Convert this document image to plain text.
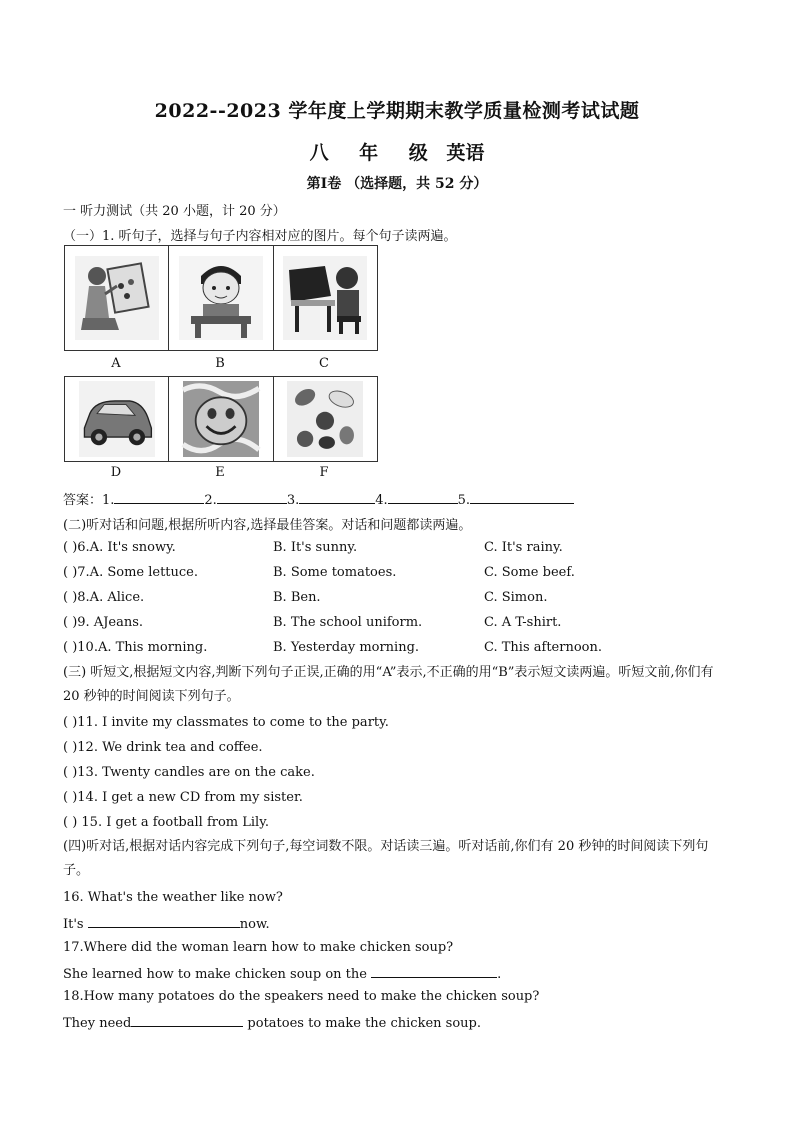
2022--2023 学年度上学期期末教学质量检测考试试题
八 年 级 英语
第Ⅰ卷 （选择题，共 52 分）
一 听力测试（共 20 小题，计 20 分）
（一）1. 听句子，选择与句子内容相对应的图片。每个句子读两遍。
A	B	C
D	E	F
答案：1.	2.	3.	4.	5.
(二)听对话和问题,根据所听内容,选择最佳答案。对话和问题都读两遍。
( )6.A. It's snowy.	B. It's sunny.	C. It's rainy.
( )7.A. Some lettuce.	B. Some tomatoes.	C. Some beef.
( )8.A. Alice.	B. Ben.	C. Simon.
( )9. AJeans.	B. The school uniform.	C. A T-shirt.
( )10.A. This morning.	B. Yesterday morning.	C. This afternoon.
(三) 听短文,根据短文内容,判断下列句子正误,正确的用“A”表示,不正确的用“B”表示短文读两遍。听短文前,你们有 20 秒钟的时间阅读下列句子。
( )11. I invite my classmates to come to the party.
( )12. We drink tea and coffee.
( )13. Twenty candles are on the cake.
( )14. I get a new CD from my sister.
( ) 15. I get a football from Lily.
(四)听对话,根据对话内容完成下列句子,每空词数不限。对话读三遍。听对话前,你们有 20 秒钟的时间阅读下列句子。
16. What's the weather like now?
It's	now.
17.Where did the woman learn how to make chicken soup?
She learned how to make chicken soup on the	.
18.How many potatoes do the speakers need to make the chicken soup?
They need	potatoes to make the chicken soup.
